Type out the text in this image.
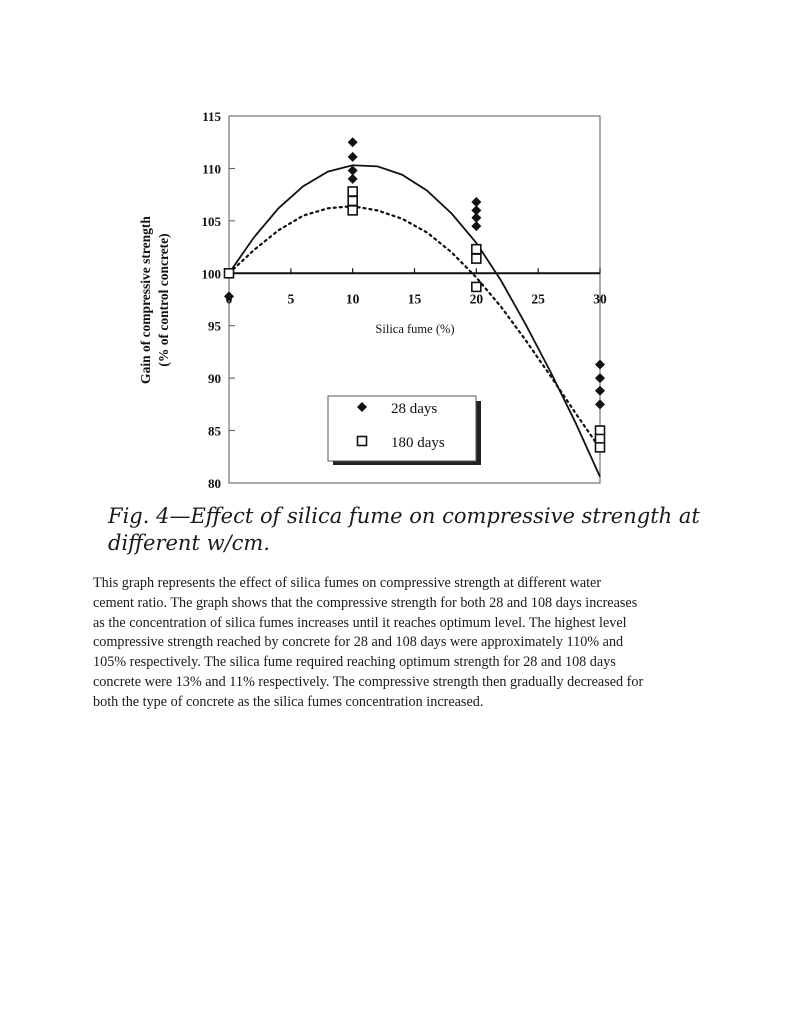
80
85
90
95
100
105
110
115
5	10	15	20	25	30
Silica fume (%)
Gain of compressive strength (% of control concrete)
28 days
180 days
Fig. 4—Effect of silica fume on compressive strength at
different w/cm.
This graph represents the effect of silica fumes on compressive strength at different water
cement ratio. The graph shows that the compressive strength for both 28 and 108 days increases
as the concentration of silica fumes increases until it reaches optimum level. The highest level
compressive strength reached by concrete for 28 and 108 days were approximately 110% and
105% respectively. The silica fume required reaching optimum strength for 28 and 108 days
concrete were 13% and 11% respectively. The compressive strength then gradually decreased for
both the type of concrete as the silica fumes concentration increased.
